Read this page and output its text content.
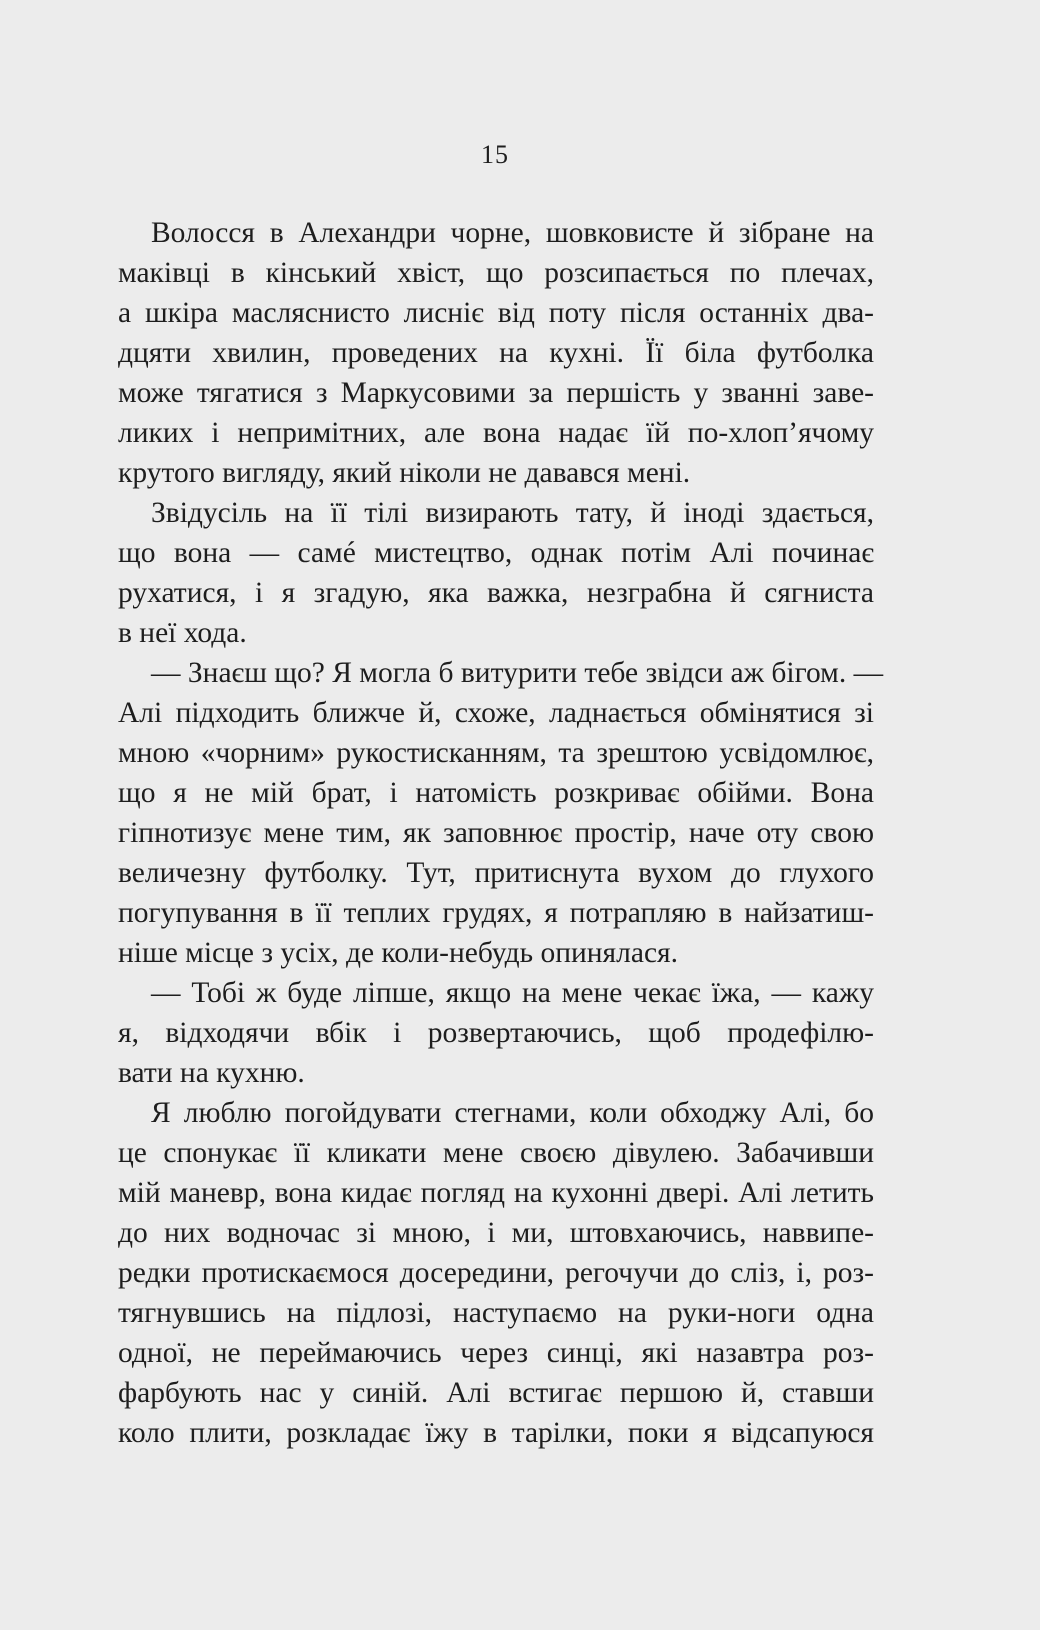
15
Волосся в Алехандри чорне, шовковисте й зібране на
маківці в кінський хвіст, що розсипається по плечах,
а шкіра масляснисто лисніє від поту після останніх два-
дцяти хвилин, проведених на кухні. Її біла футболка
може тягатися з Маркусовими за першість у званні заве-
ликих і непримітних, але вона надає їй по-хлоп’ячому
крутого вигляду, який ніколи не давався мені.
Звідусіль на її тілі визирають тату, й іноді здається,
що вона — самé мистецтво, однак потім Алі починає
рухатися, і я згадую, яка важка, незграбна й сягниста
в неї хода.
— Знаєш що? Я могла б витурити тебе звідси аж бігом. —
Алі підходить ближче й, схоже, ладнається обмінятися зі
мною «чорним» рукостисканням, та зрештою усвідомлює,
що я не мій брат, і натомість розкриває обійми. Вона
гіпнотизує мене тим, як заповнює простір, наче оту свою
величезну футболку. Тут, притиснута вухом до глухого
погупування в її теплих грудях, я потрапляю в найзатиш-
ніше місце з усіх, де коли-небудь опинялася.
— Тобі ж буде ліпше, якщо на мене чекає їжа, — кажу
я, відходячи вбік і розвертаючись, щоб продефілю-
вати на кухню.
Я люблю погойдувати стегнами, коли обходжу Алі, бо
це спонукає її кликати мене своєю дівулею. Забачивши
мій маневр, вона кидає погляд на кухонні двері. Алі летить
до них водночас зі мною, і ми, штовхаючись, наввипе-
редки протискаємося досередини, регочучи до сліз, і, роз-
тягнувшись на підлозі, наступаємо на руки-ноги одна
одної, не переймаючись через синці, які назавтра роз-
фарбують нас у синій. Алі встигає першою й, ставши
коло плити, розкладає їжу в тарілки, поки я відсапуюся
